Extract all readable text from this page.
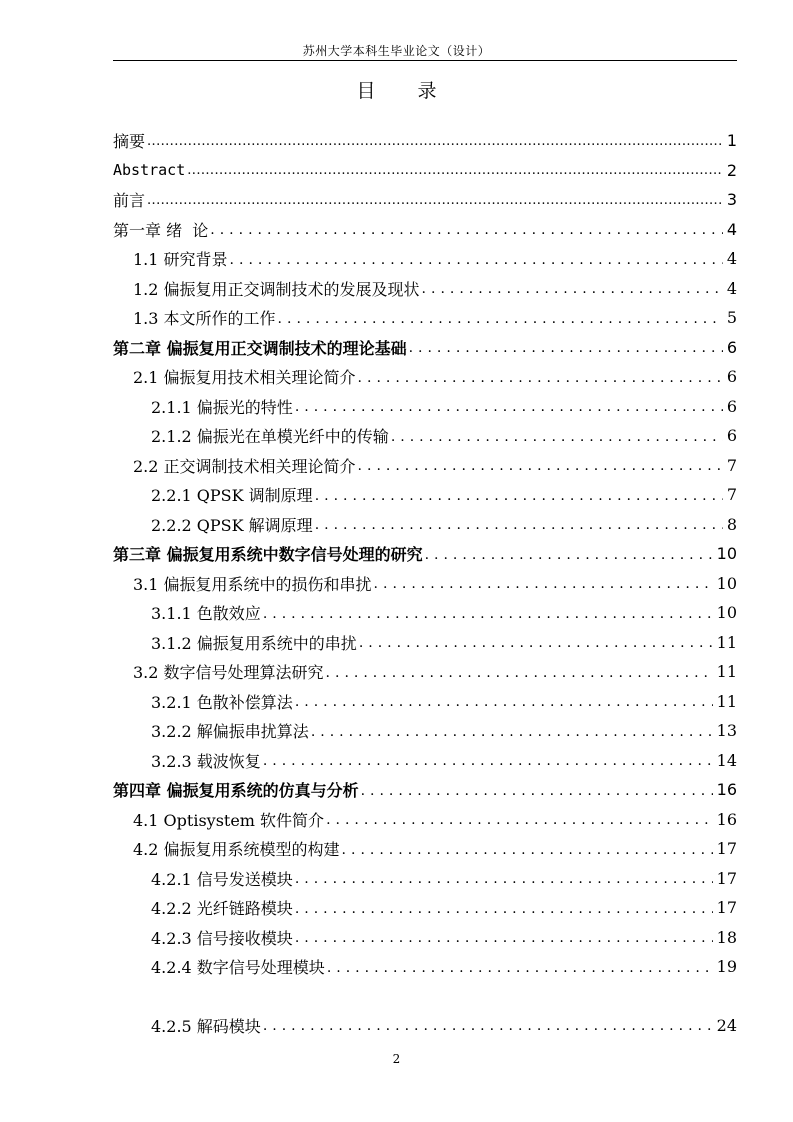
苏州大学本科生毕业论文（设计）
目 录
摘要 .....	1
Abstract .....	2
前言 .....	3
第一章 绪  论 .....	4
1.1 研究背景 .....	4
1.2 偏振复用正交调制技术的发展及现状 .....	4
1.3 本文所作的工作 .....	5
第二章 偏振复用正交调制技术的理论基础 .....	6
2.1 偏振复用技术相关理论简介 .....	6
2.1.1 偏振光的特性 .....	6
2.1.2 偏振光在单模光纤中的传输 .....	6
2.2 正交调制技术相关理论简介 .....	7
2.2.1 QPSK 调制原理 .....	7
2.2.2 QPSK 解调原理 .....	8
第三章 偏振复用系统中数字信号处理的研究 .....	10
3.1 偏振复用系统中的损伤和串扰 .....	10
3.1.1 色散效应 .....	10
3.1.2 偏振复用系统中的串扰 .....	11
3.2 数字信号处理算法研究 .....	11
3.2.1 色散补偿算法 .....	11
3.2.2 解偏振串扰算法 .....	13
3.2.3 载波恢复 .....	14
第四章 偏振复用系统的仿真与分析 .....	16
4.1 Optisystem 软件简介 .....	16
4.2 偏振复用系统模型的构建 .....	17
4.2.1 信号发送模块 .....	17
4.2.2 光纤链路模块 .....	17
4.2.3 信号接收模块 .....	18
4.2.4 数字信号处理模块 .....	19
4.2.5 解码模块 .....	24
2
